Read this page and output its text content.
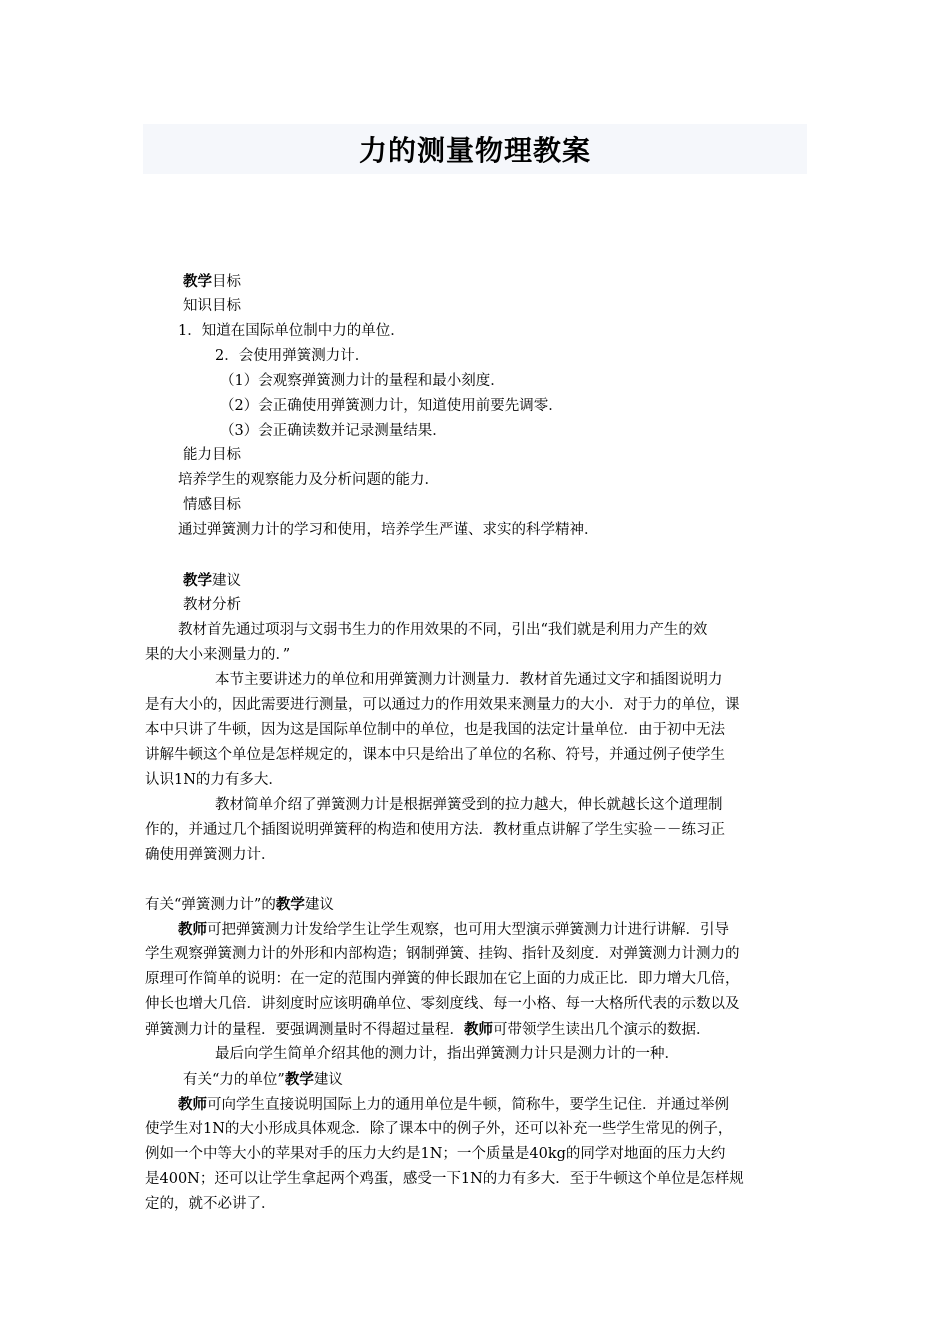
力的测量物理教案

教学目标

知识目标

1．知道在国际单位制中力的单位．

2．会使用弹簧测力计．

（1）会观察弹簧测力计的量程和最小刻度．

（2）会正确使用弹簧测力计，知道使用前要先调零．

（3）会正确读数并记录测量结果．

能力目标

培养学生的观察能力及分析问题的能力．

情感目标

通过弹簧测力计的学习和使用，培养学生严谨、求实的科学精神．

教学建议

教材分析

教材首先通过项羽与文弱书生力的作用效果的不同，引出“我们就是利用力产生的效

果的大小来测量力的．”

本节主要讲述力的单位和用弹簧测力计测量力．教材首先通过文字和插图说明力

是有大小的，因此需要进行测量，可以通过力的作用效果来测量力的大小．对于力的单位，课

本中只讲了牛顿，因为这是国际单位制中的单位，也是我国的法定计量单位．由于初中无法

讲解牛顿这个单位是怎样规定的，课本中只是给出了单位的名称、符号，并通过例子使学生

认识1N的力有多大．

教材简单介绍了弹簧测力计是根据弹簧受到的拉力越大，伸长就越长这个道理制

作的，并通过几个插图说明弹簧秤的构造和使用方法．教材重点讲解了学生实验－－练习正

确使用弹簧测力计．

有关“弹簧测力计”的教学建议

教师可把弹簧测力计发给学生让学生观察，也可用大型演示弹簧测力计进行讲解．引导

学生观察弹簧测力计的外形和内部构造；钢制弹簧、挂钩、指针及刻度．对弹簧测力计测力的

原理可作简单的说明：在一定的范围内弹簧的伸长跟加在它上面的力成正比．即力增大几倍，

伸长也增大几倍．讲刻度时应该明确单位、零刻度线、每一小格、每一大格所代表的示数以及

弹簧测力计的量程．要强调测量时不得超过量程．教师可带领学生读出几个演示的数据．

最后向学生简单介绍其他的测力计，指出弹簧测力计只是测力计的一种．

有关“力的单位”教学建议

教师可向学生直接说明国际上力的通用单位是牛顿，简称牛，要学生记住．并通过举例

使学生对1N的大小形成具体观念．除了课本中的例子外，还可以补充一些学生常见的例子，

例如一个中等大小的苹果对手的压力大约是1N；一个质量是40kg的同学对地面的压力大约

是400N；还可以让学生拿起两个鸡蛋，感受一下1N的力有多大．至于牛顿这个单位是怎样规

定的，就不必讲了．
